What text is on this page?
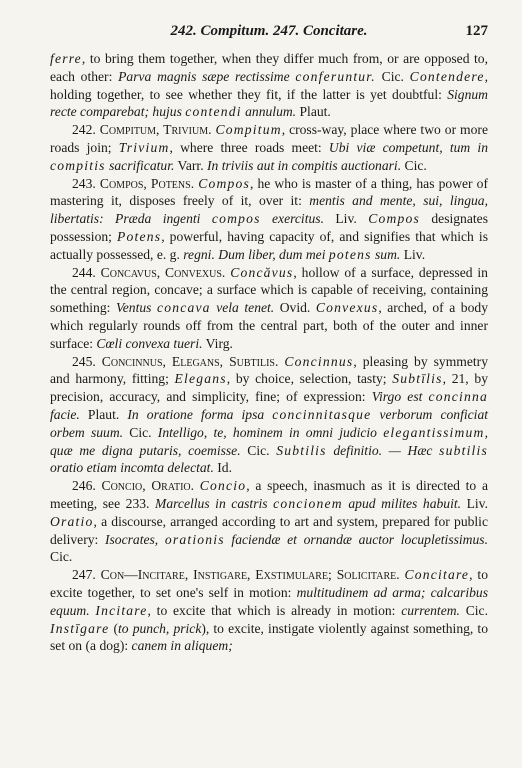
242. Compitum. 247. Concitare.	127

ferre, to bring them together, when they differ much from, or are opposed to, each other: Parva magnis sæpe rectissime conferuntur. Cic. Contendere, holding together, to see whether they fit, if the latter is yet doubtful: Signum recte comparebat; hujus contendi annulum. Plaut.

242. Compitum, Trivium. Compitum, cross-way, place where two or more roads join; Trivium, where three roads meet: Ubi viæ competunt, tum in compitis sacrificatur. Varr. In triviis aut in compitis auctionari. Cic.

243. Compos, Potens. Compos, he who is master of a thing, has power of mastering it, disposes freely of it, over it: mentis and mente, sui, lingua, libertatis: Præda ingenti compos exercitus. Liv. Compos designates possession; Potens, powerful, having capacity of, and signifies that which is actually possessed, e. g. regni. Dum liber, dum mei potens sum. Liv.

244. Concavus, Convexus. Concăvus, hollow of a surface, depressed in the central region, concave; a surface which is capable of receiving, containing something: Ventus concava vela tenet. Ovid. Convexus, arched, of a body which regularly rounds off from the central part, both of the outer and inner surface: Cœli convexa tueri. Virg.

245. Concinnus, Elegans, Subtilis. Concinnus, pleasing by symmetry and harmony, fitting; Elegans, by choice, selection, tasty; Subtīlis, 21, by precision, accuracy, and simplicity, fine; of expression: Virgo est concinna facie. Plaut. In oratione forma ipsa concinnitasque verborum conficiat orbem suum. Cic. Intelligo, te, hominem in omni judicio elegantissimum, quæ me digna putaris, coemisse. Cic. Subtilis definitio. — Hæc subtilis oratio etiam incomta delectat. Id.

246. Concio, Oratio. Concio, a speech, inasmuch as it is directed to a meeting, see 233. Marcellus in castris concionem apud milites habuit. Liv. Oratio, a discourse, arranged according to art and system, prepared for public delivery: Isocrates, orationis faciendæ et ornandæ auctor locupletissimus. Cic.

247. Con—Incitare, Instigare, Exstimulare; Solicitare. Concitare, to excite together, to set one's self in motion: multitudinem ad arma; calcaribus equum. Incitare, to excite that which is already in motion: currentem. Cic. Instīgare (to punch, prick), to excite, instigate violently against something, to set on (a dog): canem in aliquem;
